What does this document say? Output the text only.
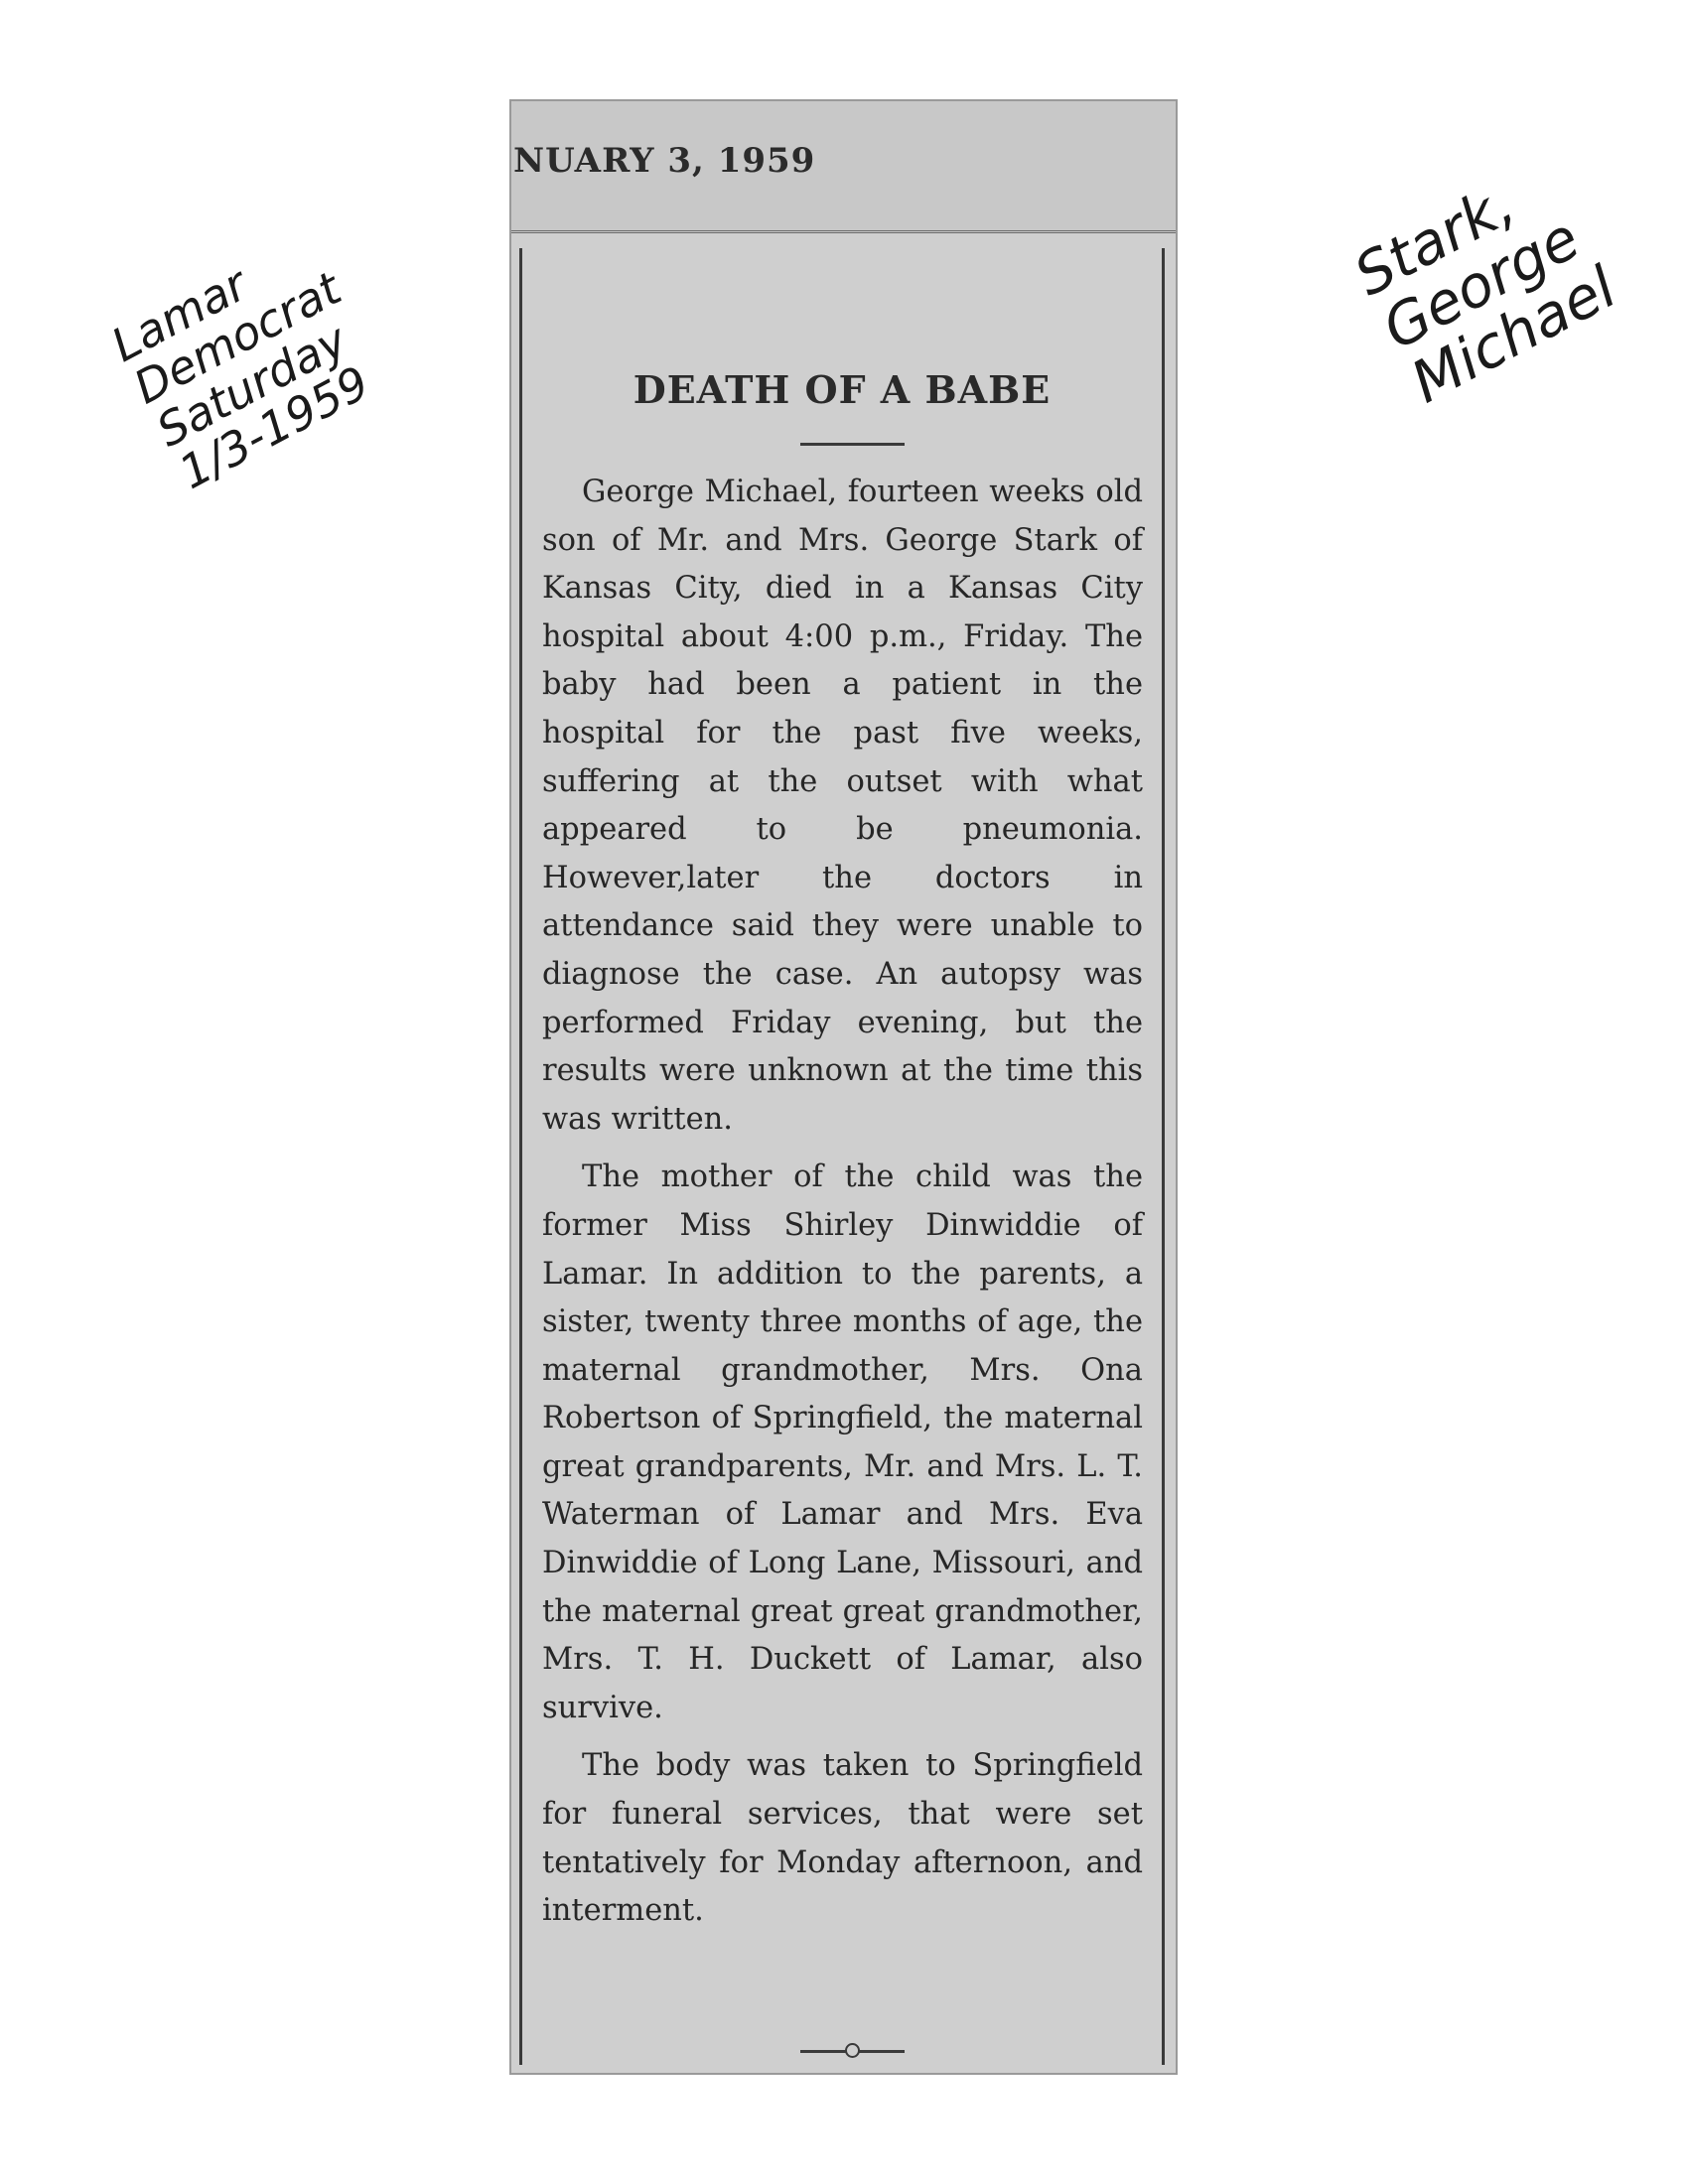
Lamar
Democrat
Saturday
1/3-1959
Stark,
George
Michael
NUARY 3, 1959
DEATH OF A BABE

George Michael, fourteen weeks old son of Mr. and Mrs. George Stark of Kansas City, died in a Kansas City hospital about 4:00 p.m., Friday. The baby had been a patient in the hospital for the past five weeks, suffering at the outset with what appeared to be pneumonia. However,later the doctors in attendance said they were unable to diagnose the case. An autopsy was performed Friday evening, but the results were unknown at the time this was written.

The mother of the child was the former Miss Shirley Dinwiddie of Lamar. In addition to the parents, a sister, twenty three months of age, the maternal grandmother, Mrs. Ona Robertson of Springfield, the maternal great grandparents, Mr. and Mrs. L. T. Waterman of Lamar and Mrs. Eva Dinwiddie of Long Lane, Missouri, and the maternal great great grandmother, Mrs. T. H. Duckett of Lamar, also survive.

The body was taken to Springfield for funeral services, that were set tentatively for Monday afternoon, and interment.
